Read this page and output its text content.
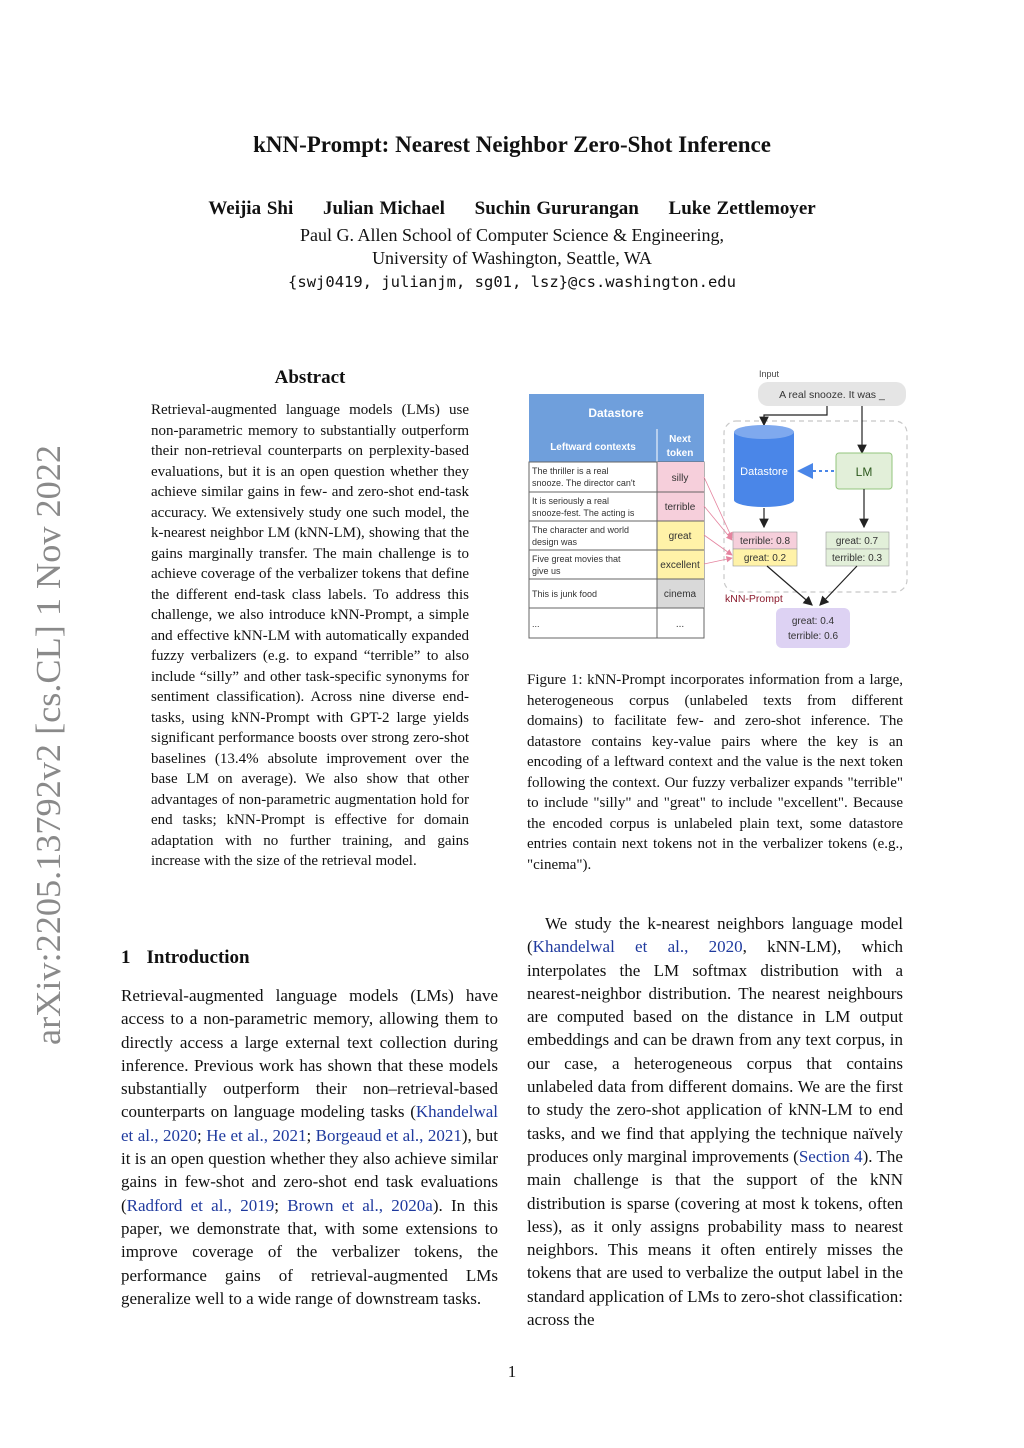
arXiv:2205.13792v2 [cs.CL] 1 Nov 2022
kNN-Prompt: Nearest Neighbor Zero-Shot Inference
Weijia Shi Julian Michael Suchin Gururangan Luke Zettlemoyer
Paul G. Allen School of Computer Science & Engineering,
University of Washington, Seattle, WA
{swj0419, julianjm, sg01, lsz}@cs.washington.edu
Abstract
Retrieval-augmented language models (LMs) use non-parametric memory to substantially outperform their non-retrieval counterparts on perplexity-based evaluations, but it is an open question whether they achieve similar gains in few- and zero-shot end-task accuracy. We extensively study one such model, the k-nearest neighbor LM (kNN-LM), showing that the gains marginally transfer. The main challenge is to achieve coverage of the verbalizer tokens that define the different end-task class labels. To address this challenge, we also introduce kNN-Prompt, a simple and effective kNN-LM with automatically expanded fuzzy verbalizers (e.g. to expand “terrible” to also include “silly” and other task-specific synonyms for sentiment classification). Across nine diverse end-tasks, using kNN-Prompt with GPT-2 large yields significant performance boosts over strong zero-shot baselines (13.4% absolute improvement over the base LM on average). We also show that other advantages of non-parametric augmentation hold for end tasks; kNN-Prompt is effective for domain adaptation with no further training, and gains increase with the size of the retrieval model.
1 Introduction
Retrieval-augmented language models (LMs) have access to a non-parametric memory, allowing them to directly access a large external text collection during inference. Previous work has shown that these models substantially outperform their non–retrieval-based counterparts on language modeling tasks (Khandelwal et al., 2020; He et al., 2021; Borgeaud et al., 2021), but it is an open question whether they also achieve similar gains in few-shot and zero-shot end task evaluations (Radford et al., 2019; Brown et al., 2020a). In this paper, we demonstrate that, with some extensions to improve coverage of the verbalizer tokens, the performance gains of retrieval-augmented LMs generalize well to a wide range of downstream tasks.
Datastore
Leftward contexts
Next
token
The thriller is a real
snooze. The director can't
It is seriously a real
snooze-fest. The acting is
The character and world
design was
Five great movies that
give us
This is junk food
...
silly
terrible
great
excellent
cinema
...
Input
A real snooze. It was _
Datastore	LM
terrible: 0.8
great: 0.2
great: 0.7
terrible: 0.3
kNN-Prompt
great: 0.4
terrible: 0.6
Figure 1: kNN-Prompt incorporates information from a large, heterogeneous corpus (unlabeled texts from different domains) to facilitate few- and zero-shot inference. The datastore contains key-value pairs where the key is an encoding of a leftward context and the value is the next token following the context. Our fuzzy verbalizer expands "terrible" to include "silly" and "great" to include "excellent". Because the encoded corpus is unlabeled plain text, some datastore entries contain next tokens not in the verbalizer tokens (e.g., "cinema").
We study the k-nearest neighbors language model (Khandelwal et al., 2020, kNN-LM), which interpolates the LM softmax distribution with a nearest-neighbor distribution. The nearest neighbours are computed based on the distance in LM output embeddings and can be drawn from any text corpus, in our case, a heterogeneous corpus that contains unlabeled data from different domains. We are the first to study the zero-shot application of kNN-LM to end tasks, and we find that applying the technique naïvely produces only marginal improvements (Section 4). The main challenge is that the support of the kNN distribution is sparse (covering at most k tokens, often less), as it only assigns probability mass to nearest neighbors. This means it often entirely misses the tokens that are used to verbalize the output label in the standard application of LMs to zero-shot classification: across the
1
